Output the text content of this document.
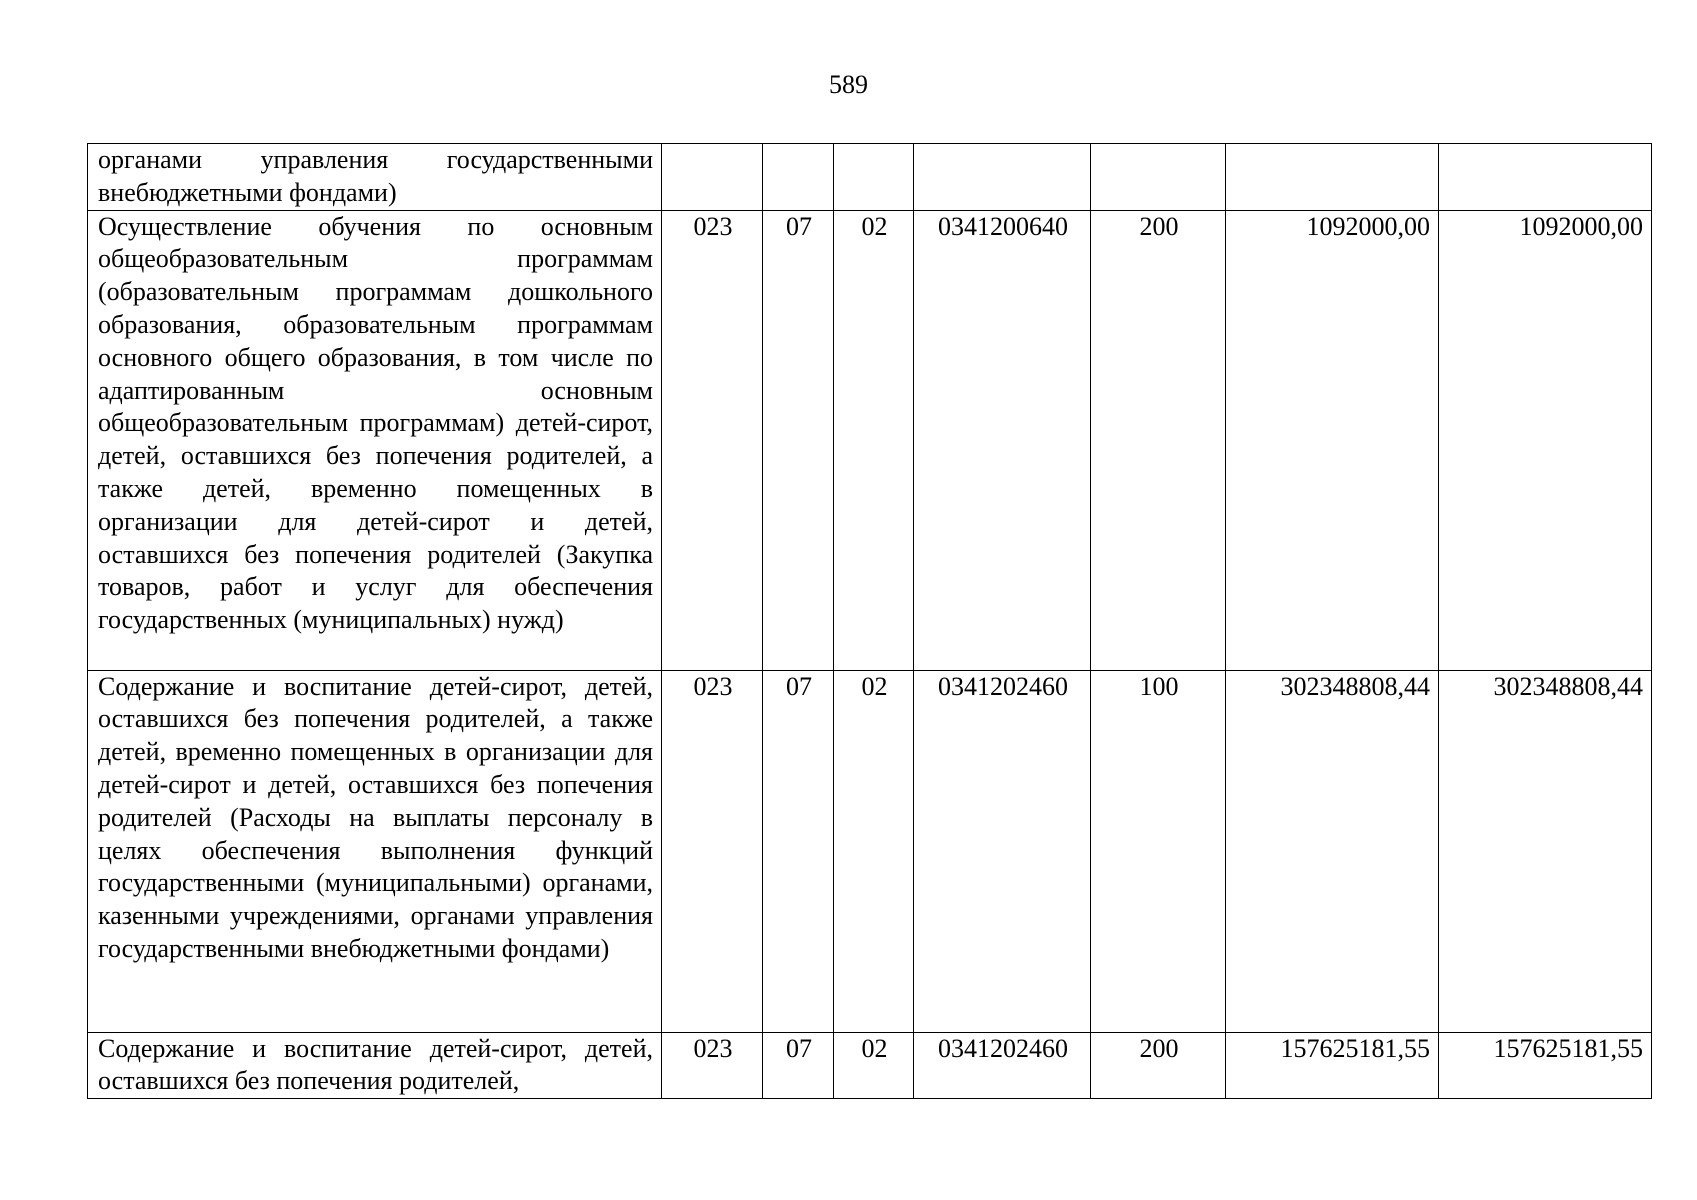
589
органами управления государственными внебюджетными фондами)							
Осуществление обучения по основным общеобразовательным программам (образовательным программам дошкольного образования, образовательным программам основного общего образования, в том числе по адаптированным основным общеобразовательным программам) детей-сирот, детей, оставшихся без попечения родителей, а также детей, временно помещенных в организации для детей-сирот и детей, оставшихся без попечения родителей (Закупка товаров, работ и услуг для обеспечения государственных (муниципальных) нужд)	023	07	02	0341200640	200	1092000,00	1092000,00
Содержание и воспитание детей-сирот, детей, оставшихся без попечения родителей, а также детей, временно помещенных в организации для детей-сирот и детей, оставшихся без попечения родителей (Расходы на выплаты персоналу в целях обеспечения выполнения функций государственными (муниципальными) органами, казенными учреждениями, органами управления государственными внебюджетными фондами)	023	07	02	0341202460	100	302348808,44	302348808,44
Содержание и воспитание детей-сирот, детей, оставшихся без попечения родителей,	023	07	02	0341202460	200	157625181,55	157625181,55
